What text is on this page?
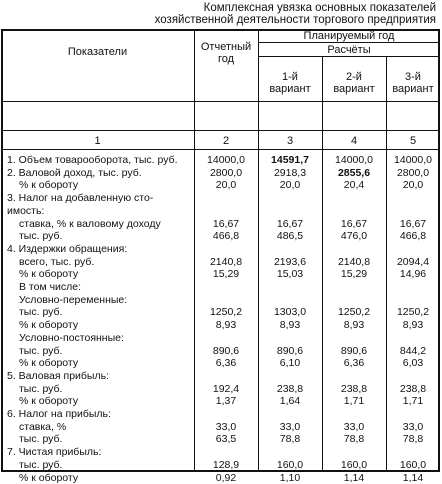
Комплексная увязка основных показателей
хозяйственной деятельности торгового предприятия
Показатели	Отчетный
год
Планируемый год
Расчёты
1-й
вариант
2-й
вариант
3-й
вариант
1	2	3	4	5
1. Объем товарооборота, тыс. руб.	14000,0	14591,7	14000,0	14000,0
2. Валовой доход, тыс. руб.	2800,0	2918,3	2855,6	2800,0
% к обороту	20,0	20,0	20,4	20,0
3. Налог на добавленную сто-
имость:
ставка, % к валовому доходу	16,67	16,67	16,67	16,67
тыс. руб.	466,8	486,5	476,0	466,8
4. Издержки обращения:
всего, тыс. руб.	2140,8	2193,6	2140,8	2094,4
% к обороту	15,29	15,03	15,29	14,96
В том числе:
Условно-переменные:
тыс. руб.	1250,2	1303,0	1250,2	1250,2
% к обороту	8,93	8,93	8,93	8,93
Условно-постоянные:
тыс. руб.	890,6	890,6	890,6	844,2
% к обороту	6,36	6,10	6,36	6,03
5. Валовая прибыль:
тыс. руб.	192,4	238,8	238,8	238,8
% к обороту	1,37	1,64	1,71	1,71
6. Налог на прибыль:
ставка, %	33,0	33,0	33,0	33,0
тыс. руб.	63,5	78,8	78,8	78,8
7. Чистая прибыль:
тыс. руб.	128,9	160,0	160,0	160,0
% к обороту	0,92	1,10	1,14	1,14
